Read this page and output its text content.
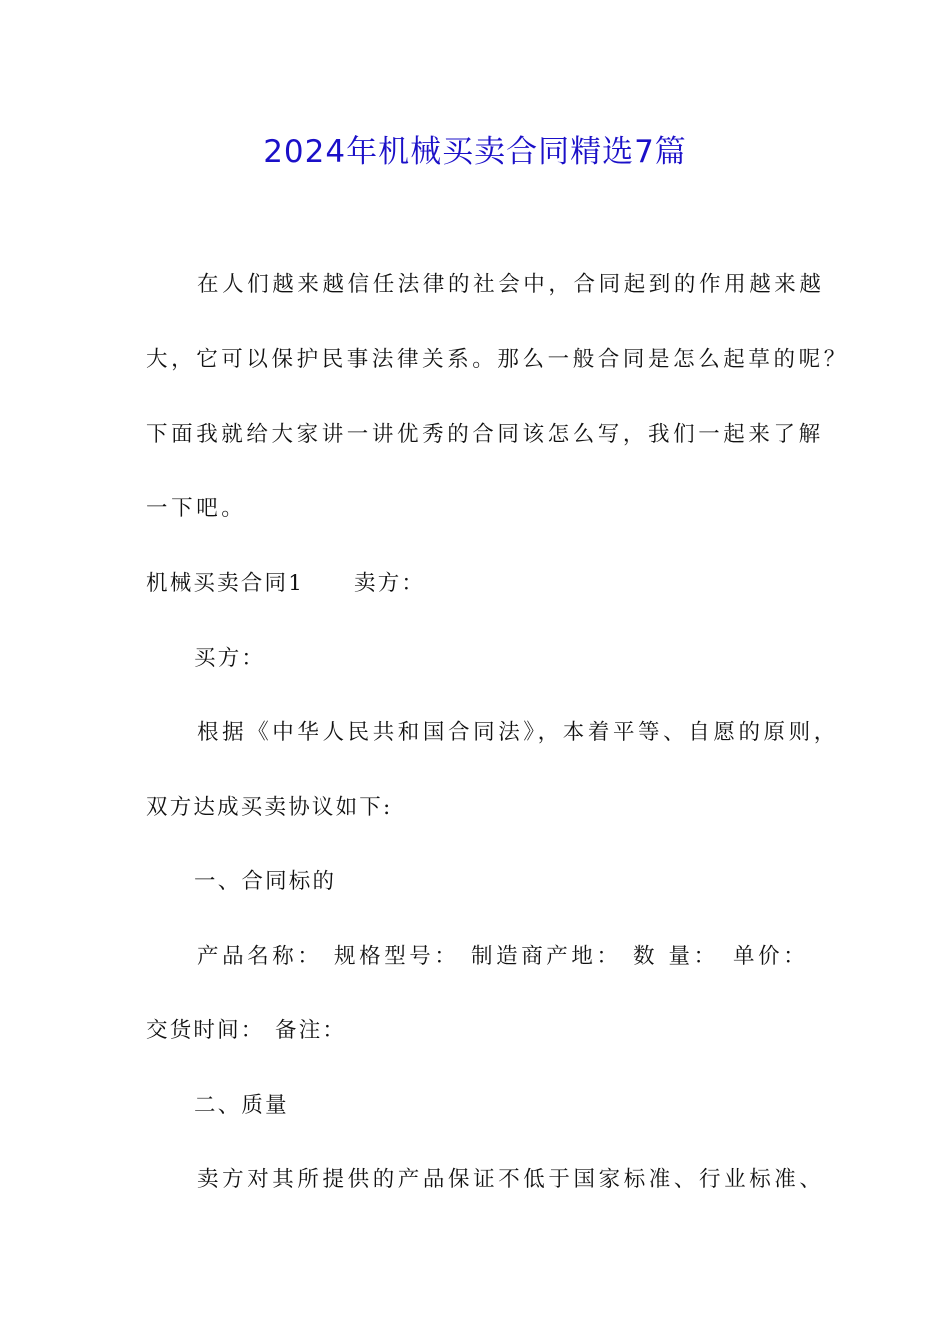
2024年机械买卖合同精选7篇
在人们越来越信任法律的社会中，合同起到的作用越来越
大，它可以保护民事法律关系。那么一般合同是怎么起草的呢？
下面我就给大家讲一讲优秀的合同该怎么写，我们一起来了解
一下吧。
机械买卖合同1 卖方：
买方：
根据《中华人民共和国合同法》，本着平等、自愿的原则，
双方达成买卖协议如下:
一、合同标的
产品名称： 规格型号： 制造商产地： 数 量： 单价：
交货时间： 备注：
二、质量
卖方对其所提供的产品保证不低于国家标准、行业标准、
